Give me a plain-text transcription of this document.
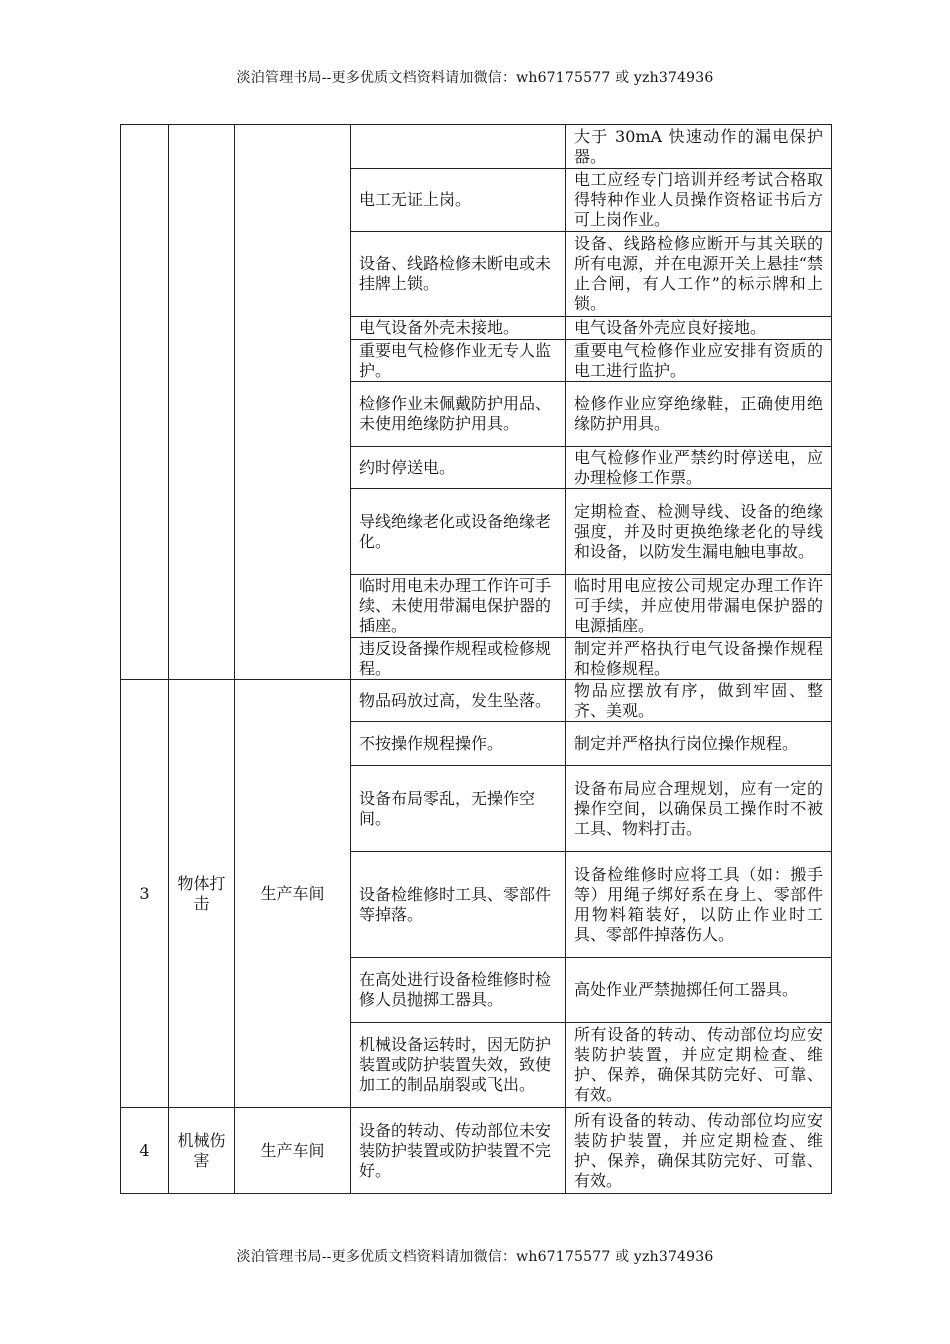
淡泊管理书局--更多优质文档资料请加微信：wh67175577 或 yzh374936
				大于 30mA 快速动作的漏电保护器。
			电工无证上岗。	电工应经专门培训并经考试合格取得特种作业人员操作资格证书后方可上岗作业。
			设备、线路检修未断电或未挂牌上锁。	设备、线路检修应断开与其关联的所有电源，并在电源开关上悬挂“禁止合闸，有人工作”的标示牌和上锁。
			电气设备外壳未接地。	电气设备外壳应良好接地。
			重要电气检修作业无专人监护。	重要电气检修作业应安排有资质的电工进行监护。
			检修作业未佩戴防护用品、未使用绝缘防护用具。	检修作业应穿绝缘鞋，正确使用绝缘防护用具。
			约时停送电。	电气检修作业严禁约时停送电，应办理检修工作票。
			导线绝缘老化或设备绝缘老化。	定期检查、检测导线、设备的绝缘强度，并及时更换绝缘老化的导线和设备，以防发生漏电触电事故。
			临时用电未办理工作许可手续、未使用带漏电保护器的插座。	临时用电应按公司规定办理工作许可手续，并应使用带漏电保护器的电源插座。
			违反设备操作规程或检修规程。	制定并严格执行电气设备操作规程和检修规程。
3	物体打击	生产车间	物品码放过高，发生坠落。	物品应摆放有序，做到牢固、整齐、美观。
			不按操作规程操作。	制定并严格执行岗位操作规程。
			设备布局零乱，无操作空间。	设备布局应合理规划，应有一定的操作空间，以确保员工操作时不被工具、物料打击。
			设备检维修时工具、零部件等掉落。	设备检维修时应将工具（如：搬手等）用绳子绑好系在身上、零部件用物料箱装好，以防止作业时工具、零部件掉落伤人。
			在高处进行设备检维修时检修人员抛掷工器具。	高处作业严禁抛掷任何工器具。
			机械设备运转时，因无防护装置或防护装置失效，致使加工的制品崩裂或飞出。	所有设备的转动、传动部位均应安装防护装置，并应定期检查、维护、保养，确保其防完好、可靠、有效。
4	机械伤害	生产车间	设备的转动、传动部位未安装防护装置或防护装置不完好。	所有设备的转动、传动部位均应安装防护装置，并应定期检查、维护、保养，确保其防完好、可靠、有效。
淡泊管理书局--更多优质文档资料请加微信：wh67175577 或 yzh374936
